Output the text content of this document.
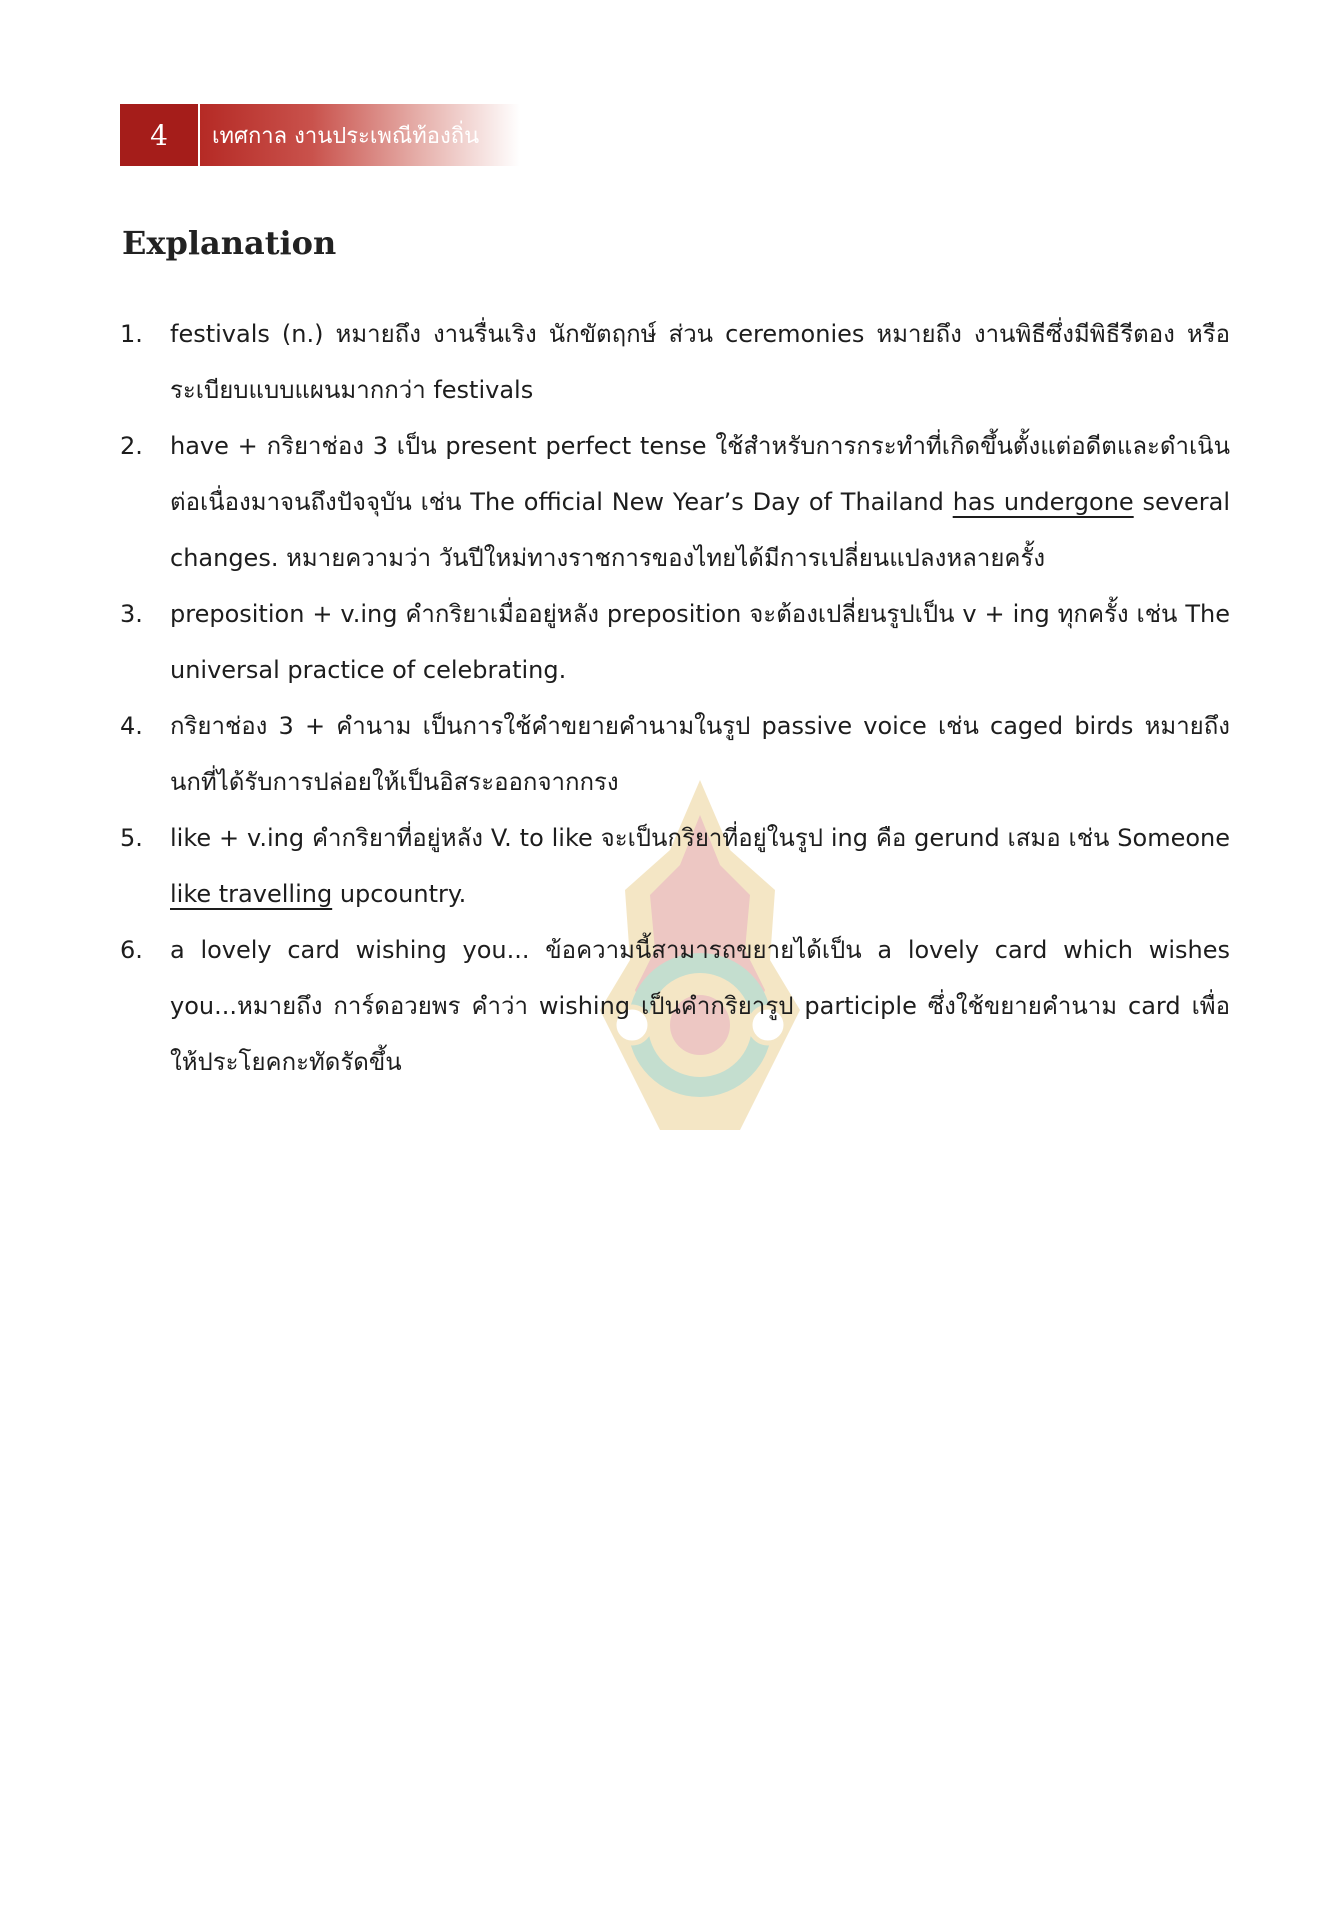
4	เทศกาล งานประเพณีท้องถิ่น
Explanation
1.	festivals (n.) หมายถึง งานรื่นเริง นักขัตฤกษ์ ส่วน ceremonies หมายถึง งานพิธีซึ่งมีพิธีรีตอง หรือระเบียบแบบแผนมากกว่า festivals
2.	have + กริยาช่อง 3 เป็น present perfect tense ใช้สำหรับการกระทำที่เกิดขึ้นตั้งแต่อดีตและดำเนินต่อเนื่องมาจนถึงปัจจุบัน เช่น The official New Year’s Day of Thailand has undergone several changes. หมายความว่า วันปีใหม่ทางราชการของไทยได้มีการเปลี่ยนแปลงหลายครั้ง
3.	preposition + v.ing คำกริยาเมื่ออยู่หลัง preposition จะต้องเปลี่ยนรูปเป็น v + ing ทุกครั้ง เช่น The universal practice of celebrating.
4.	กริยาช่อง 3 + คำนาม เป็นการใช้คำขยายคำนามในรูป passive voice เช่น caged birds หมายถึง นกที่ได้รับการปล่อยให้เป็นอิสระออกจากกรง
5.	like + v.ing คำกริยาที่อยู่หลัง V. to like จะเป็นกริยาที่อยู่ในรูป ing คือ gerund เสมอ เช่น Someone like travelling upcountry.
6.	a lovely card wishing you... ข้อความนี้สามารถขยายได้เป็น a lovely card which wishes you...หมายถึง การ์ดอวยพร คำว่า wishing เป็นคำกริยารูป participle ซึ่งใช้ขยายคำนาม card เพื่อให้ประโยคกะทัดรัดขึ้น
